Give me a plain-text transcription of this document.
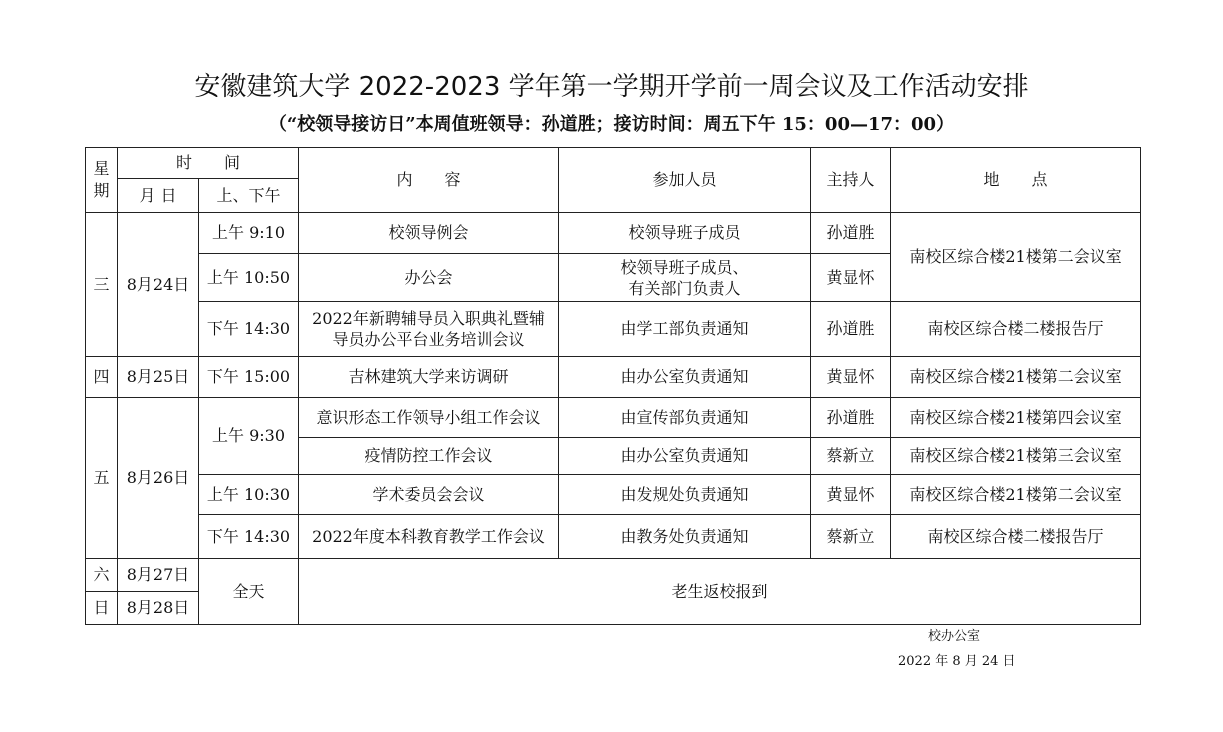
安徽建筑大学 2022-2023 学年第一学期开学前一周会议及工作活动安排
（“校领导接访日”本周值班领导：孙道胜；接访时间：周五下午 15：00—17：00）
星期	时　　间		内　　容	参加人员	主持人	地　　点
	月 日	上、下午				
三	8月24日	上午 9:10	校领导例会	校领导班子成员	孙道胜	南校区综合楼21楼第二会议室
		上午 10:50	办公会	校领导班子成员、
有关部门负责人	黄显怀	
		下午 14:30	2022年新聘辅导员入职典礼暨辅
导员办公平台业务培训会议	由学工部负责通知	孙道胜	南校区综合楼二楼报告厅
四	8月25日	下午 15:00	吉林建筑大学来访调研	由办公室负责通知	黄显怀	南校区综合楼21楼第二会议室
五	8月26日	上午 9:30	意识形态工作领导小组工作会议	由宣传部负责通知	孙道胜	南校区综合楼21楼第四会议室
			疫情防控工作会议	由办公室负责通知	蔡新立	南校区综合楼21楼第三会议室
		上午 10:30	学术委员会会议	由发规处负责通知	黄显怀	南校区综合楼21楼第二会议室
		下午 14:30	2022年度本科教育教学工作会议	由教务处负责通知	蔡新立	南校区综合楼二楼报告厅
六	8月27日	全天	老生返校报到			
日	8月28日					
校办公室
2022 年 8 月 24 日
